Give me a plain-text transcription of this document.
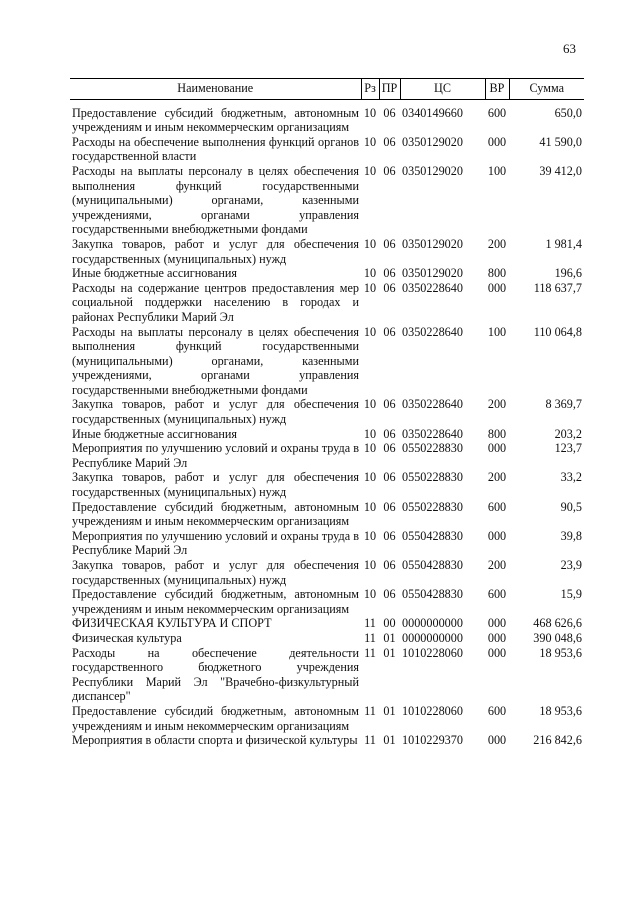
63
Наименование	Рз	ПР	ЦС	ВР	Сумма

Предоставление субсидий бюджетным, автономным учреждениям и иным некоммерческим организациям	10	06	0340149660	600	650,0
Расходы на обеспечение выполнения функций органов государственной власти	10	06	0350129020	000	41 590,0
Расходы на выплаты персоналу в целях обеспечения выполнения функций государственными (муниципальными) органами, казенными учреждениями, органами управления государственными внебюджетными фондами	10	06	0350129020	100	39 412,0
Закупка товаров, работ и услуг для обеспечения государственных (муниципальных) нужд	10	06	0350129020	200	1 981,4
Иные бюджетные ассигнования	10	06	0350129020	800	196,6
Расходы на содержание центров предоставления мер социальной поддержки населению в городах и районах Республики Марий Эл	10	06	0350228640	000	118 637,7
Расходы на выплаты персоналу в целях обеспечения выполнения функций государственными (муниципальными) органами, казенными учреждениями, органами управления государственными внебюджетными фондами	10	06	0350228640	100	110 064,8
Закупка товаров, работ и услуг для обеспечения государственных (муниципальных) нужд	10	06	0350228640	200	8 369,7
Иные бюджетные ассигнования	10	06	0350228640	800	203,2
Мероприятия по улучшению условий и охраны труда в Республике Марий Эл	10	06	0550228830	000	123,7
Закупка товаров, работ и услуг для обеспечения государственных (муниципальных) нужд	10	06	0550228830	200	33,2
Предоставление субсидий бюджетным, автономным учреждениям и иным некоммерческим организациям	10	06	0550228830	600	90,5
Мероприятия по улучшению условий и охраны труда в Республике Марий Эл	10	06	0550428830	000	39,8
Закупка товаров, работ и услуг для обеспечения государственных (муниципальных) нужд	10	06	0550428830	200	23,9
Предоставление субсидий бюджетным, автономным учреждениям и иным некоммерческим организациям	10	06	0550428830	600	15,9
ФИЗИЧЕСКАЯ КУЛЬТУРА И СПОРТ	11	00	0000000000	000	468 626,6
Физическая культура	11	01	0000000000	000	390 048,6
Расходы на обеспечение деятельности государственного бюджетного учреждения Республики Марий Эл "Врачебно-физкультурный диспансер"	11	01	1010228060	000	18 953,6
Предоставление субсидий бюджетным, автономным учреждениям и иным некоммерческим организациям	11	01	1010228060	600	18 953,6
Мероприятия в области спорта и физической культуры	11	01	1010229370	000	216 842,6
